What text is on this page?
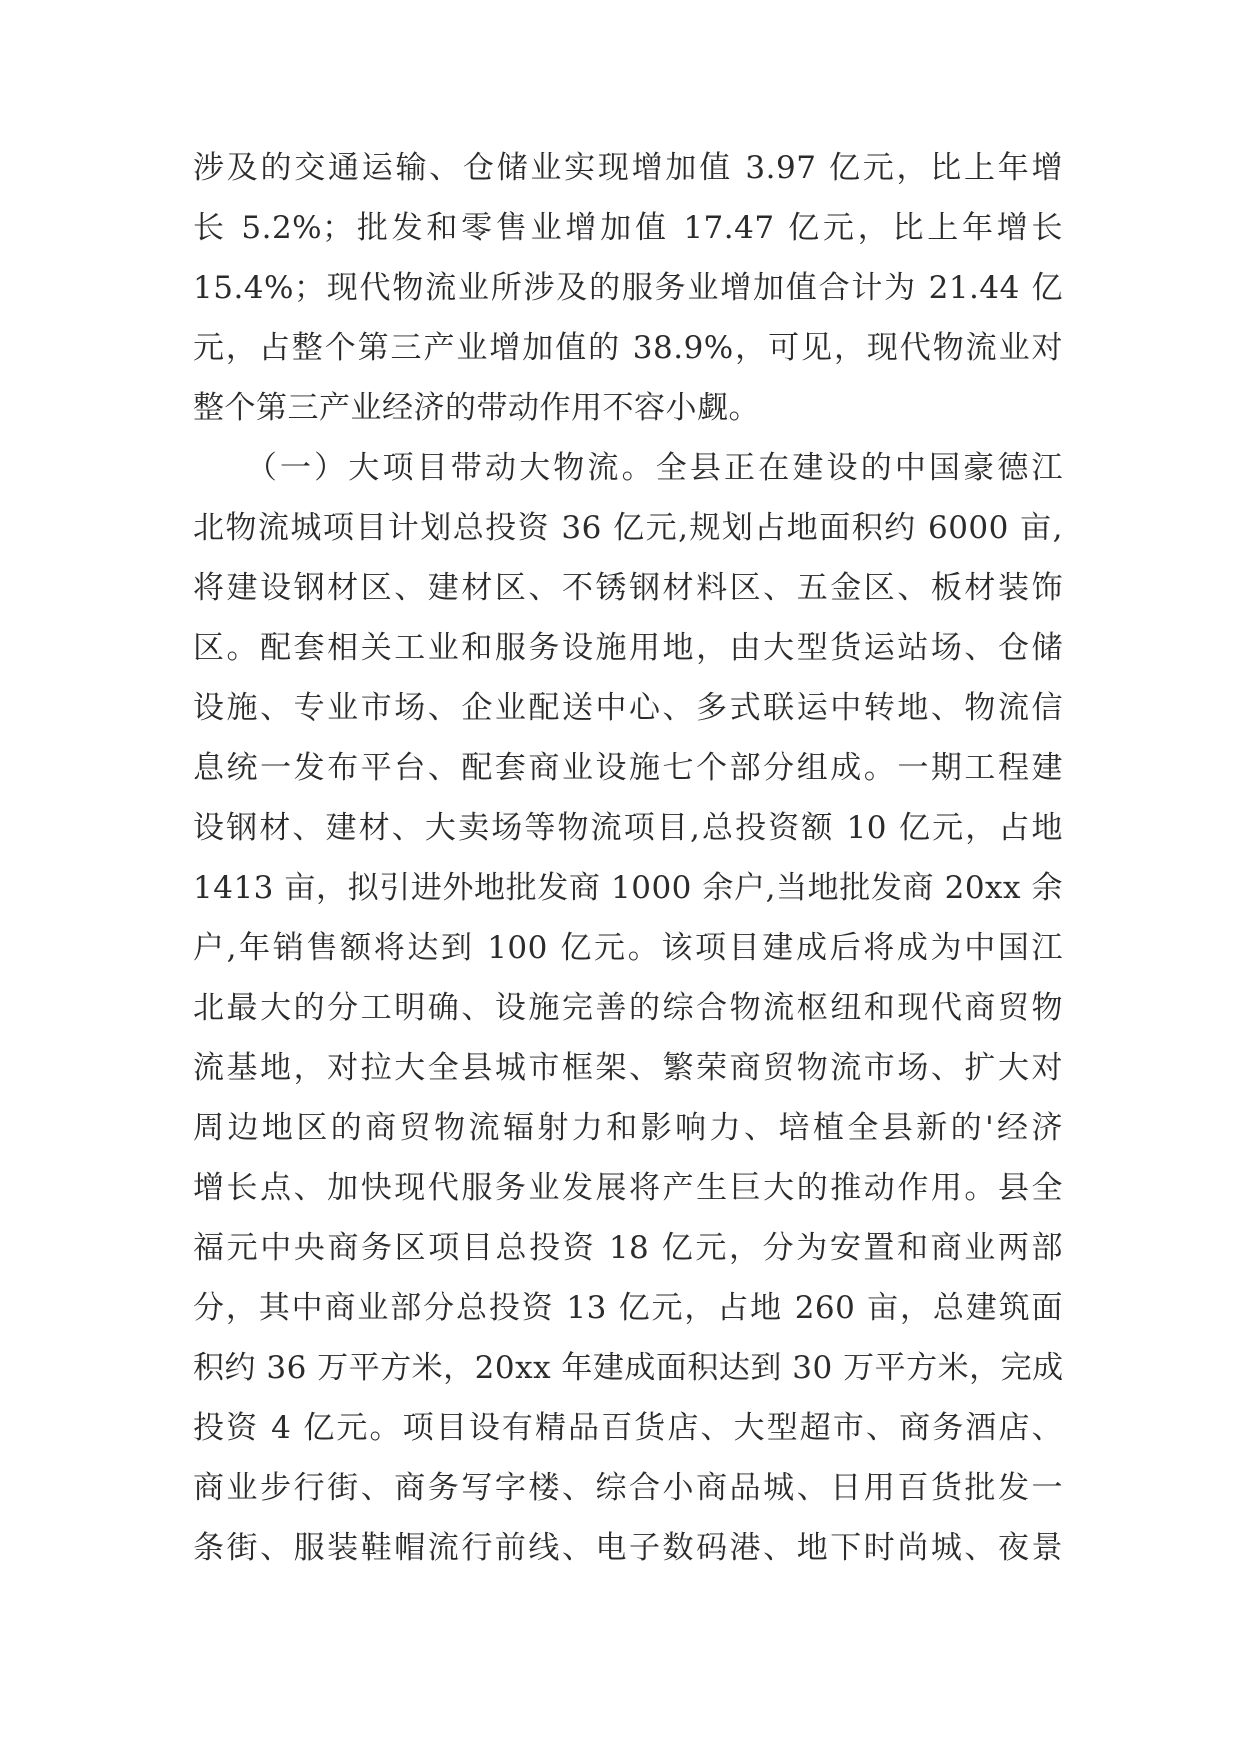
涉及的交通运输、仓储业实现增加值 3.97 亿元，比上年增
长 5.2%；批发和零售业增加值 17.47 亿元，比上年增长
15.4%；现代物流业所涉及的服务业增加值合计为 21.44 亿
元，占整个第三产业增加值的 38.9%，可见，现代物流业对
整个第三产业经济的带动作用不容小觑。
　　（一）大项目带动大物流。全县正在建设的中国豪德江
北物流城项目计划总投资 36 亿元,规划占地面积约 6000 亩,
将建设钢材区、建材区、不锈钢材料区、五金区、板材装饰
区。配套相关工业和服务设施用地，由大型货运站场、仓储
设施、专业市场、企业配送中心、多式联运中转地、物流信
息统一发布平台、配套商业设施七个部分组成。一期工程建
设钢材、建材、大卖场等物流项目,总投资额 10 亿元，占地
1413 亩，拟引进外地批发商 1000 余户,当地批发商 20xx 余
户,年销售额将达到 100 亿元。该项目建成后将成为中国江
北最大的分工明确、设施完善的综合物流枢纽和现代商贸物
流基地，对拉大全县城市框架、繁荣商贸物流市场、扩大对
周边地区的商贸物流辐射力和影响力、培植全县新的'经济
增长点、加快现代服务业发展将产生巨大的推动作用。县全
福元中央商务区项目总投资 18 亿元，分为安置和商业两部
分，其中商业部分总投资 13 亿元，占地 260 亩，总建筑面
积约 36 万平方米，20xx 年建成面积达到 30 万平方米，完成
投资 4 亿元。项目设有精品百货店、大型超市、商务酒店、
商业步行街、商务写字楼、综合小商品城、日用百货批发一
条街、服装鞋帽流行前线、电子数码港、地下时尚城、夜景
